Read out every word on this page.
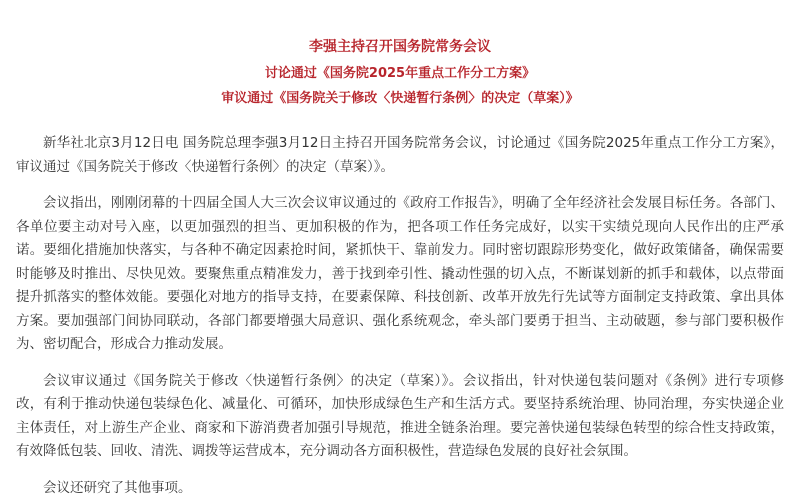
李强主持召开国务院常务会议
讨论通过《国务院2025年重点工作分工方案》
审议通过《国务院关于修改〈快递暂行条例〉的决定（草案）》

新华社北京3月12日电 国务院总理李强3月12日主持召开国务院常务会议，讨论通过《国务院2025年重点工作分工方案》，审议通过《国务院关于修改〈快递暂行条例〉的决定（草案）》。

会议指出，刚刚闭幕的十四届全国人大三次会议审议通过的《政府工作报告》，明确了全年经济社会发展目标任务。各部门、各单位要主动对号入座，以更加强烈的担当、更加积极的作为，把各项工作任务完成好，以实干实绩兑现向人民作出的庄严承诺。要细化措施加快落实，与各种不确定因素抢时间，紧抓快干、靠前发力。同时密切跟踪形势变化，做好政策储备，确保需要时能够及时推出、尽快见效。要聚焦重点精准发力，善于找到牵引性、撬动性强的切入点，不断谋划新的抓手和载体，以点带面提升抓落实的整体效能。要强化对地方的指导支持，在要素保障、科技创新、改革开放先行先试等方面制定支持政策、拿出具体方案。要加强部门间协同联动，各部门都要增强大局意识、强化系统观念，牵头部门要勇于担当、主动破题，参与部门要积极作为、密切配合，形成合力推动发展。

会议审议通过《国务院关于修改〈快递暂行条例〉的决定（草案）》。会议指出，针对快递包装问题对《条例》进行专项修改，有利于推动快递包装绿色化、减量化、可循环，加快形成绿色生产和生活方式。要坚持系统治理、协同治理，夯实快递企业主体责任，对上游生产企业、商家和下游消费者加强引导规范，推进全链条治理。要完善快递包装绿色转型的综合性支持政策，有效降低包装、回收、清洗、调拨等运营成本，充分调动各方面积极性，营造绿色发展的良好社会氛围。

会议还研究了其他事项。
